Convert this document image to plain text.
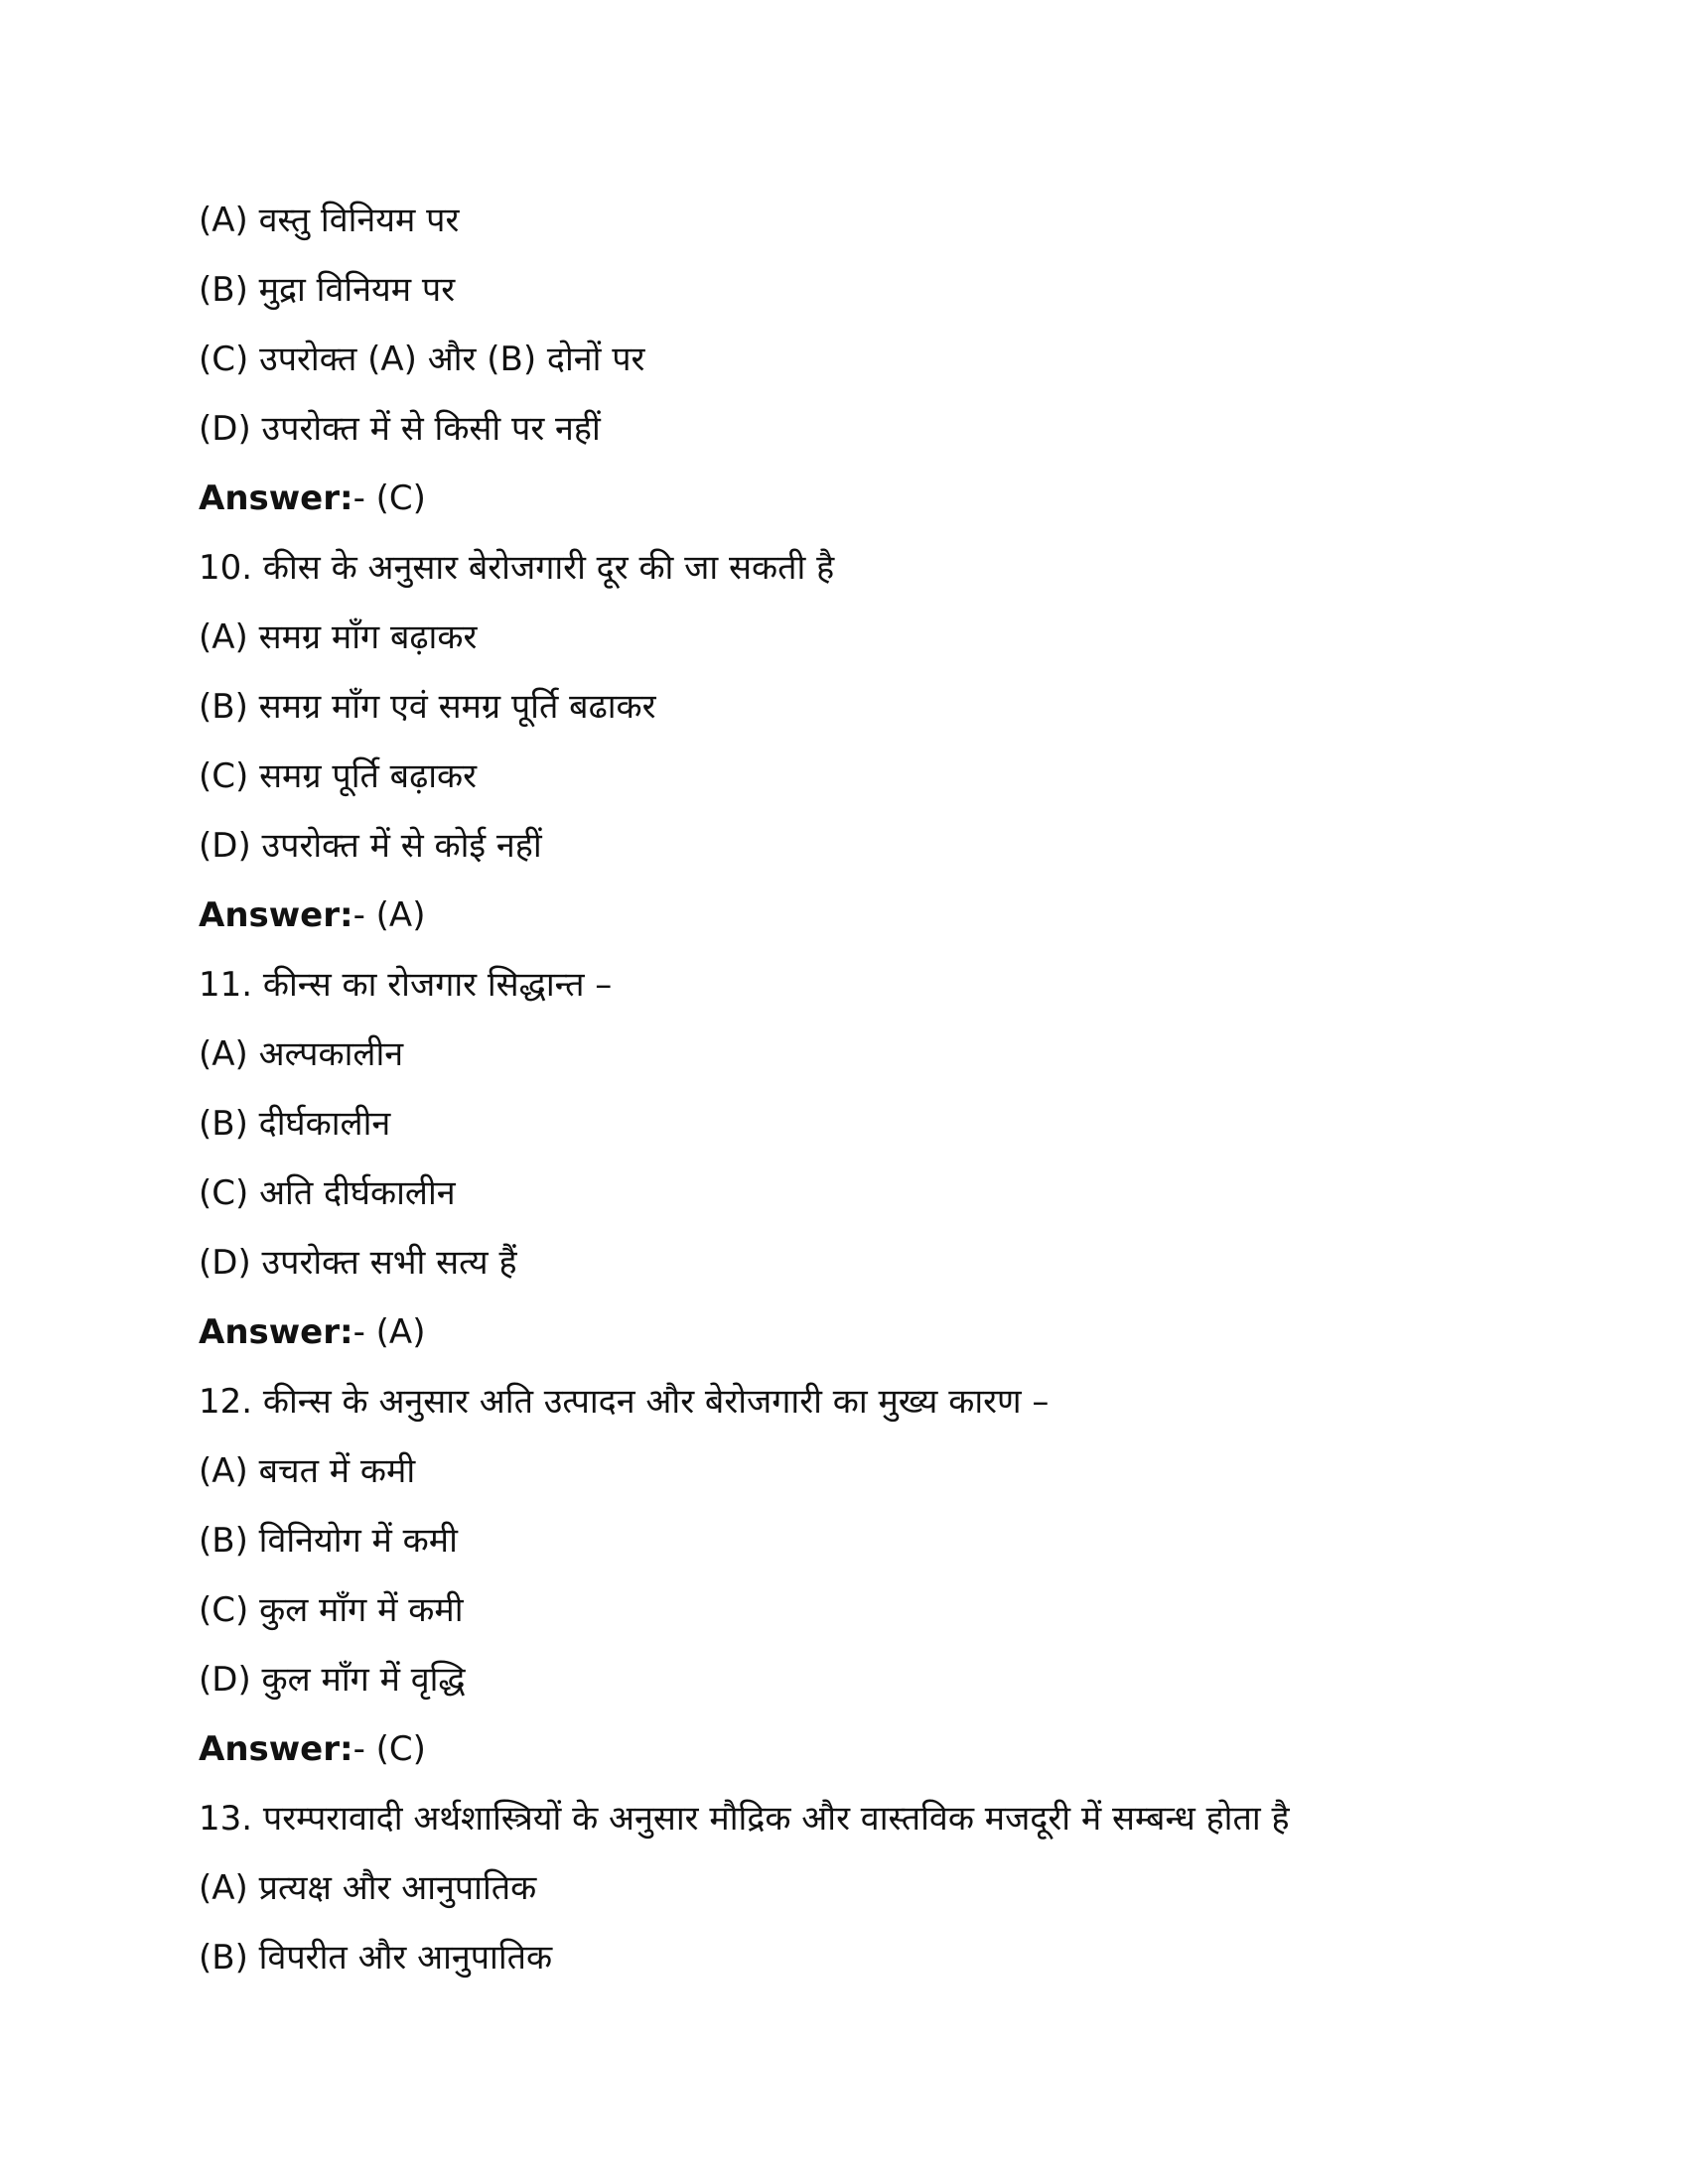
(A) वस्तु विनियम पर
(B) मुद्रा विनियम पर
(C) उपरोक्त (A) और (B) दोनों पर
(D) उपरोक्त में से किसी पर नहीं
Answer:- (C)
10. कीस के अनुसार बेरोजगारी दूर की जा सकती है
(A) समग्र माँग बढ़ाकर
(B) समग्र माँग एवं समग्र पूर्ति बढाकर
(C) समग्र पूर्ति बढ़ाकर
(D) उपरोक्त में से कोई नहीं
Answer:- (A)
11. कीन्स का रोजगार सिद्धान्त –
(A) अल्पकालीन
(B) दीर्घकालीन
(C) अति दीर्घकालीन
(D) उपरोक्त सभी सत्य हैं
Answer:- (A)
12. कीन्स के अनुसार अति उत्पादन और बेरोजगारी का मुख्य कारण –
(A) बचत में कमी
(B) विनियोग में कमी
(C) कुल माँग में कमी
(D) कुल माँग में वृद्धि
Answer:- (C)
13. परम्परावादी अर्थशास्त्रियों के अनुसार मौद्रिक और वास्तविक मजदूरी में सम्बन्ध होता है
(A) प्रत्यक्ष और आनुपातिक
(B) विपरीत और आनुपातिक
